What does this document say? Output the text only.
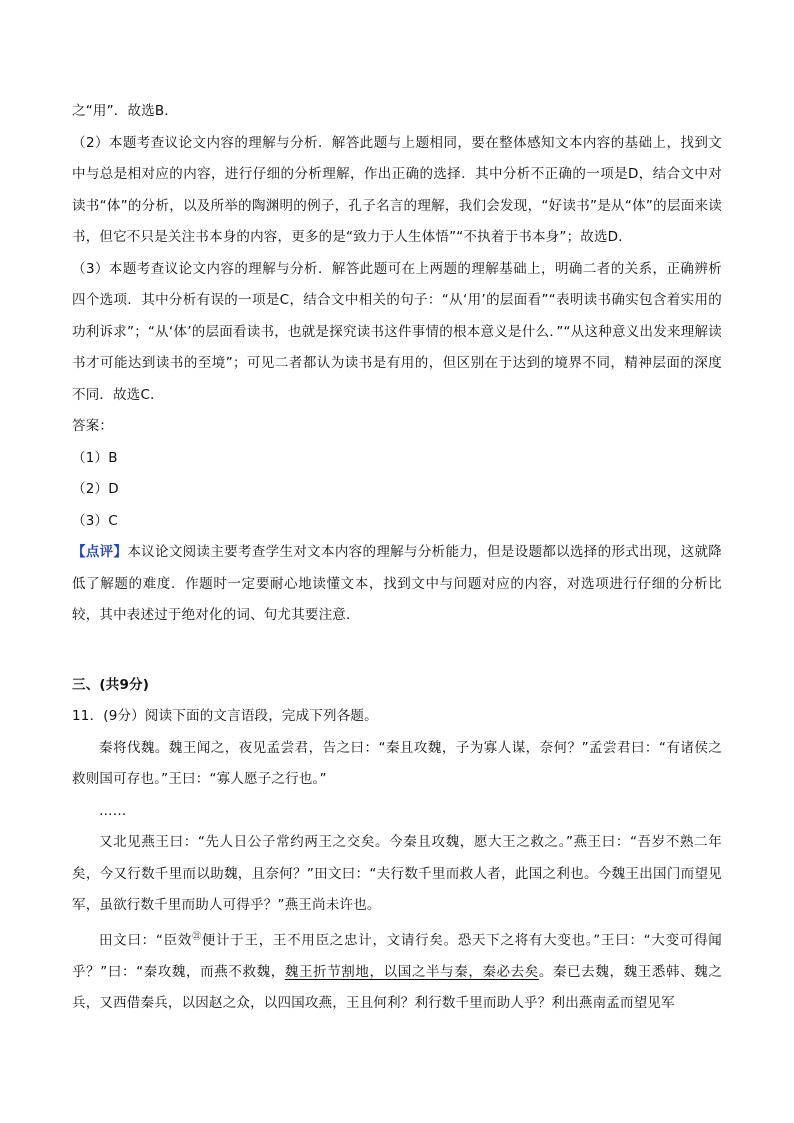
之“用”．故选B．

（2）本题考查议论文内容的理解与分析．解答此题与上题相同，要在整体感知文本内容的基础上，找到文中与总是相对应的内容，进行仔细的分析理解，作出正确的选择．其中分析不正确的一项是D，结合文中对读书“体”的分析，以及所举的陶渊明的例子，孔子名言的理解，我们会发现，“好读书”是从“体”的层面来读书，但它不只是关注书本身的内容，更多的是“致力于人生体悟”“不执着于书本身”；故选D．

（3）本题考查议论文内容的理解与分析．解答此题可在上两题的理解基础上，明确二者的关系，正确辨析四个选项．其中分析有误的一项是C，结合文中相关的句子：“从‘用’的层面看”“表明读书确实包含着实用的功利诉求”；“从‘体’的层面看读书，也就是探究读书这件事情的根本意义是什么．”“从这种意义出发来理解读书才可能达到读书的至境”；可见二者都认为读书是有用的，但区别在于达到的境界不同，精神层面的深度不同．故选C．

答案：

（1）B

（2）D

（3）C

【点评】本议论文阅读主要考查学生对文本内容的理解与分析能力，但是设题都以选择的形式出现，这就降低了解题的难度．作题时一定要耐心地读懂文本，找到文中与问题对应的内容，对选项进行仔细的分析比较，其中表述过于绝对化的词、句尤其要注意．

三、(共9分)

11．(9分）阅读下面的文言语段，完成下列各题。

秦将伐魏。魏王闻之，夜见孟尝君，告之曰：“秦且攻魏，子为寡人谋，奈何？”孟尝君曰：“有诸侯之救则国可存也。”王曰：“寡人愿子之行也。”

……

又北见燕王曰：“先人日公子常约两王之交矣。今秦且攻魏，愿大王之救之。”燕王曰：“吾岁不熟二年矣，今又行数千里而以助魏，且奈何？”田文曰：“夫行数千里而救人者，此国之利也。今魏王出国门而望见军，虽欲行数千里而助人可得乎？”燕王尚未许也。

田文曰：“臣效$^㉑$便计于王，王不用臣之忠计，文请行矣。恐天下之将有大变也。”王曰：“大变可得闻乎？”曰：“秦攻魏，而燕不救魏，魏王折节割地，以国之半与秦，秦必去矣。秦已去魏，魏王悉韩、魏之兵，又西借秦兵，以因赵之众，以四国攻燕，王且何利？利行数千里而助人乎？利出燕南孟而望见军
